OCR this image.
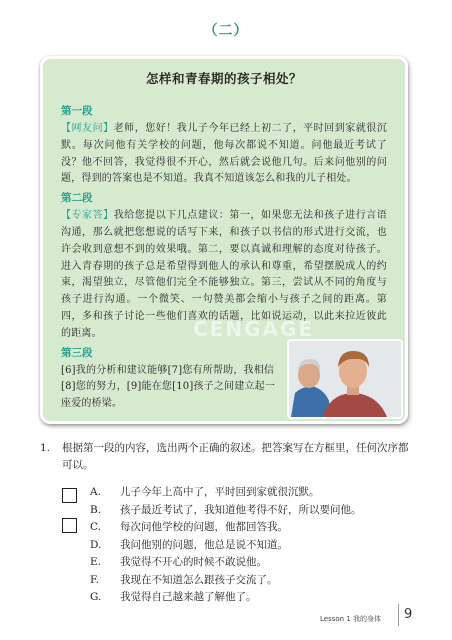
（二）
怎样和青春期的孩子相处？
第一段

【网友问】老师，您好！我儿子今年已经上初二了，平时回到家就很沉默。每次问他有关学校的问题，他每次都说不知道。问他最近考试了没？他不回答，我觉得很不开心，然后就会说他几句。后来问他别的问题，得到的答案也是不知道。我真不知道该怎么和我的儿子相处。

第二段

【专家答】我给您提以下几点建议：第一，如果您无法和孩子进行言语沟通，那么就把您想说的话写下来，和孩子以书信的形式进行交流，也许会收到意想不到的效果哦。第二，要以真诚和理解的态度对待孩子。进入青春期的孩子总是希望得到他人的承认和尊重，希望摆脱成人的约束，渴望独立，尽管他们完全不能够独立。第三，尝试从不同的角度与孩子进行沟通。一个微笑、一句赞美都会缩小与孩子之间的距离。第四，多和孩子讨论一些他们喜欢的话题，比如说运动，以此来拉近彼此的距离。

第三段

[6]我的分析和建议能够[7]您有所帮助，我相信[8]您的努力，[9]能在您[10]孩子之间建立起一座爱的桥梁。

CENGAGE
1. 根据第一段的内容，选出两个正确的叙述。把答案写在方框里，任何次序都可以。
A.	儿子今年上高中了，平时回到家就很沉默。
B.	孩子最近考试了，我知道他考得不好，所以要问他。
C.	每次问他学校的问题，他都回答我。
D.	我问他别的问题，他总是说不知道。
E.	我觉得不开心的时候不敢说他。
F.	我现在不知道怎么跟孩子交流了。
G.	我觉得自己越来越了解他了。
Lesson 1 我的身体 9
